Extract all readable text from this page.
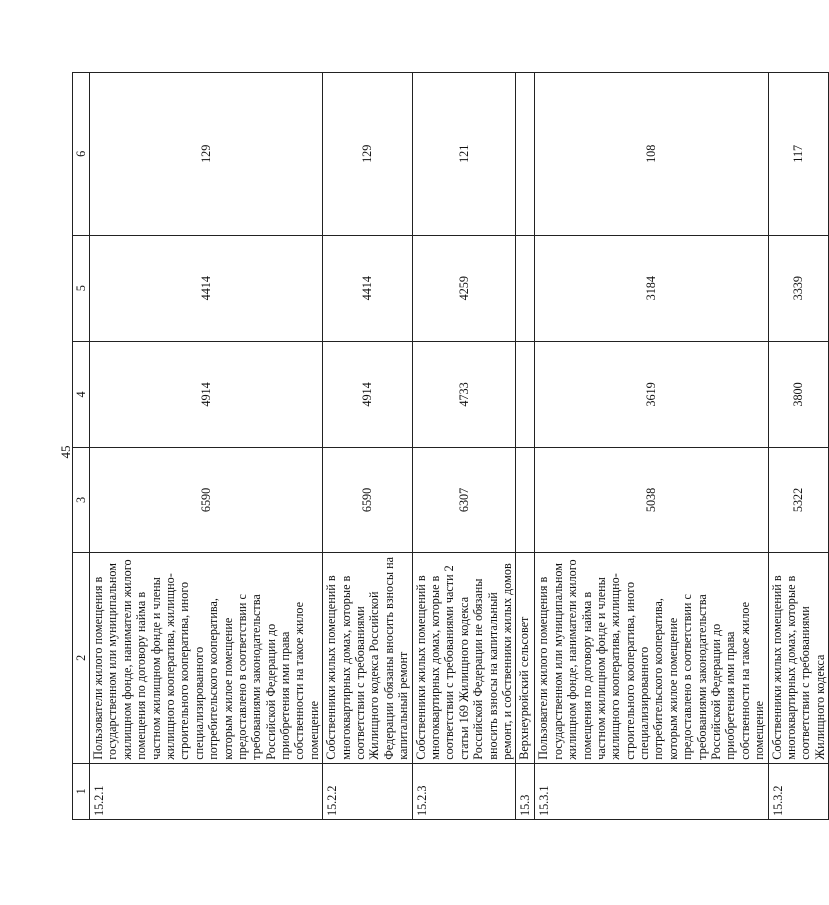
45
1	2	3	4	5	6
15.2.1	Пользователи жилого помещения в государственном или муниципальном жилищном фонде, наниматели жилого помещения по договору найма в частном жилищном фонде и члены жилищного кооператива, жилищно-строительного кооператива, иного специализированного потребительского кооператива, которым жилое помещение предоставлено в соответствии с требованиями законодательства Российской Федерации до приобретения ими права собственности на такое жилое помещение	6590	4914	4414	129
15.2.2	Собственники жилых помещений в многоквартирных домах, которые в соответствии с требованиями Жилищного кодекса Российской Федерации обязаны вносить взносы на капитальный ремонт	6590	4914	4414	129
15.2.3	Собственники жилых помещений в многоквартирных домах, которые в соответствии с требованиями части 2 статьи 169 Жилищного кодекса Российской Федерации не обязаны вносить взносы на капитальный ремонт, и собственники жилых домов	6307	4733	4259	121
15.3	Верхнеурюйский сельсовет				
15.3.1	Пользователи жилого помещения в государственном или муниципальном жилищном фонде, наниматели жилого помещения по договору найма в частном жилищном фонде и члены жилищного кооператива, жилищно-строительного кооператива, иного специализированного потребительского кооператива, которым жилое помещение предоставлено в соответствии с требованиями законодательства Российской Федерации до приобретения ими права собственности на такое жилое помещение	5038	3619	3184	108
15.3.2	Собственники жилых помещений в многоквартирных домах, которые в соответствии с требованиями Жилищного кодекса	5322	3800	3339	117
